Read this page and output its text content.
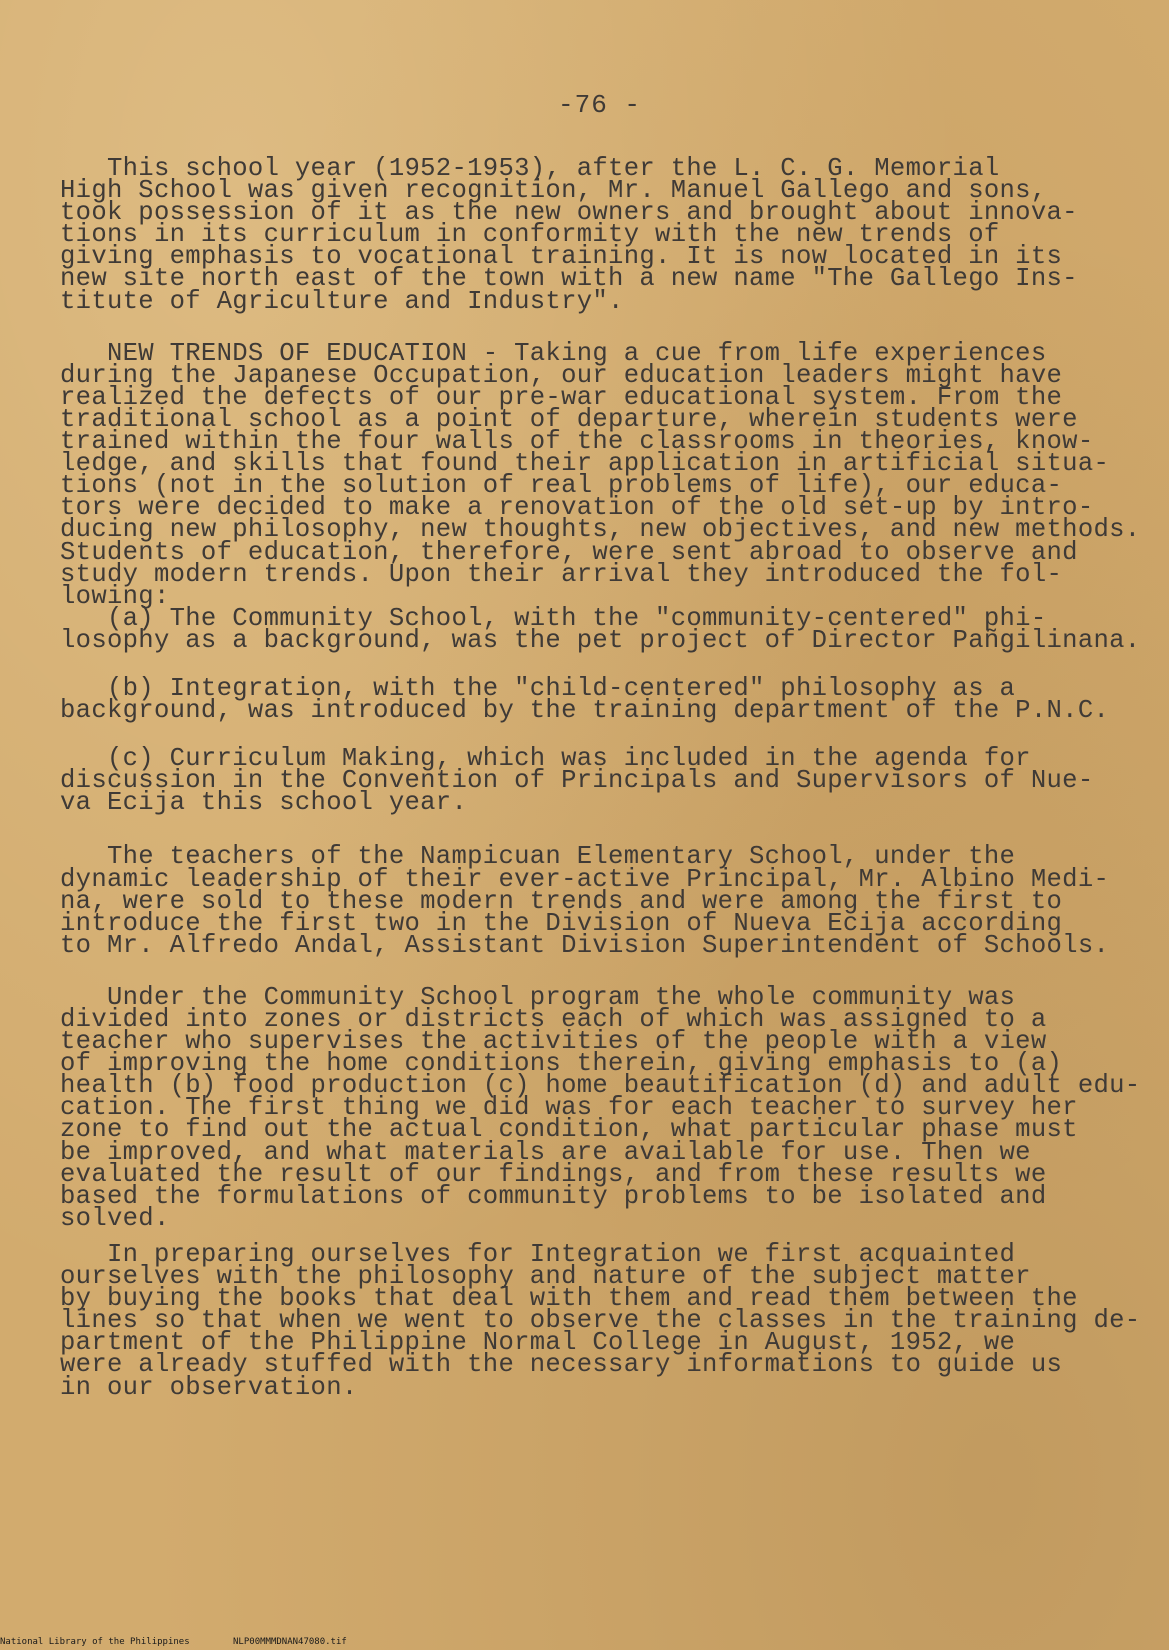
-76 -
This school year (1952-1953), after the L. C. G. Memorial
High School was given recognition, Mr. Manuel Gallego and sons,
took possession of it as the new owners and brought about innova-
tions in its curriculum in conformity with the new trends of
giving emphasis to vocational training. It is now located in its
new site north east of the town with a new name "The Gallego Ins-
titute of Agriculture and Industry".
NEW TRENDS OF EDUCATION - Taking a cue from life experiences
during the Japanese Occupation, our education leaders might have
realized the defects of our pre-war educational system. From the
traditional school as a point of departure, wherein students were
trained within the four walls of the classrooms in theories, know-
ledge, and skills that found their application in artificial situa-
tions (not in the solution of real problems of life), our educa-
tors were decided to make a renovation of the old set-up by intro-
ducing new philosophy, new thoughts, new objectives, and new methods.
Students of education, therefore, were sent abroad to observe and
study modern trends. Upon their arrival they introduced the fol-
lowing:
(a) The Community School, with the "community-centered" phi-
losophy as a background, was the pet project of Director Pañgilinana.
(b) Integration, with the "child-centered" philosophy as a
background, was introduced by the training department of the P.N.C.
(c) Curriculum Making, which was included in the agenda for
discussion in the Convention of Principals and Supervisors of Nue-
va Ecija this school year.
The teachers of the Nampicuan Elementary School, under the
dynamic leadership of their ever-active Principal, Mr. Albino Medi-
na, were sold to these modern trends and were among the first to
introduce the first two in the Division of Nueva Ecija according
to Mr. Alfredo Andal, Assistant Division Superintendent of Schools.
Under the Community School program the whole community was
divided into zones or districts each of which was assigned to a
teacher who supervises the activities of the people with a view
of improving the home conditions therein, giving emphasis to (a)
health (b) food production (c) home beautification (d) and adult edu-
cation. The first thing we did was for each teacher to survey her
zone to find out the actual condition, what particular phase must
be improved, and what materials are available for use. Then we
evaluated the result of our findings, and from these results we
based the formulations of community problems to be isolated and
solved.
In preparing ourselves for Integration we first acquainted
ourselves with the philosophy and nature of the subject matter
by buying the books that deal with them and read them between the
lines so that when we went to observe the classes in the training de-
partment of the Philippine Normal College in August, 1952, we
were already stuffed with the necessary informations to guide us
in our observation.
National Library of the Philippines	NLP00MMMDNAN47080.tif
